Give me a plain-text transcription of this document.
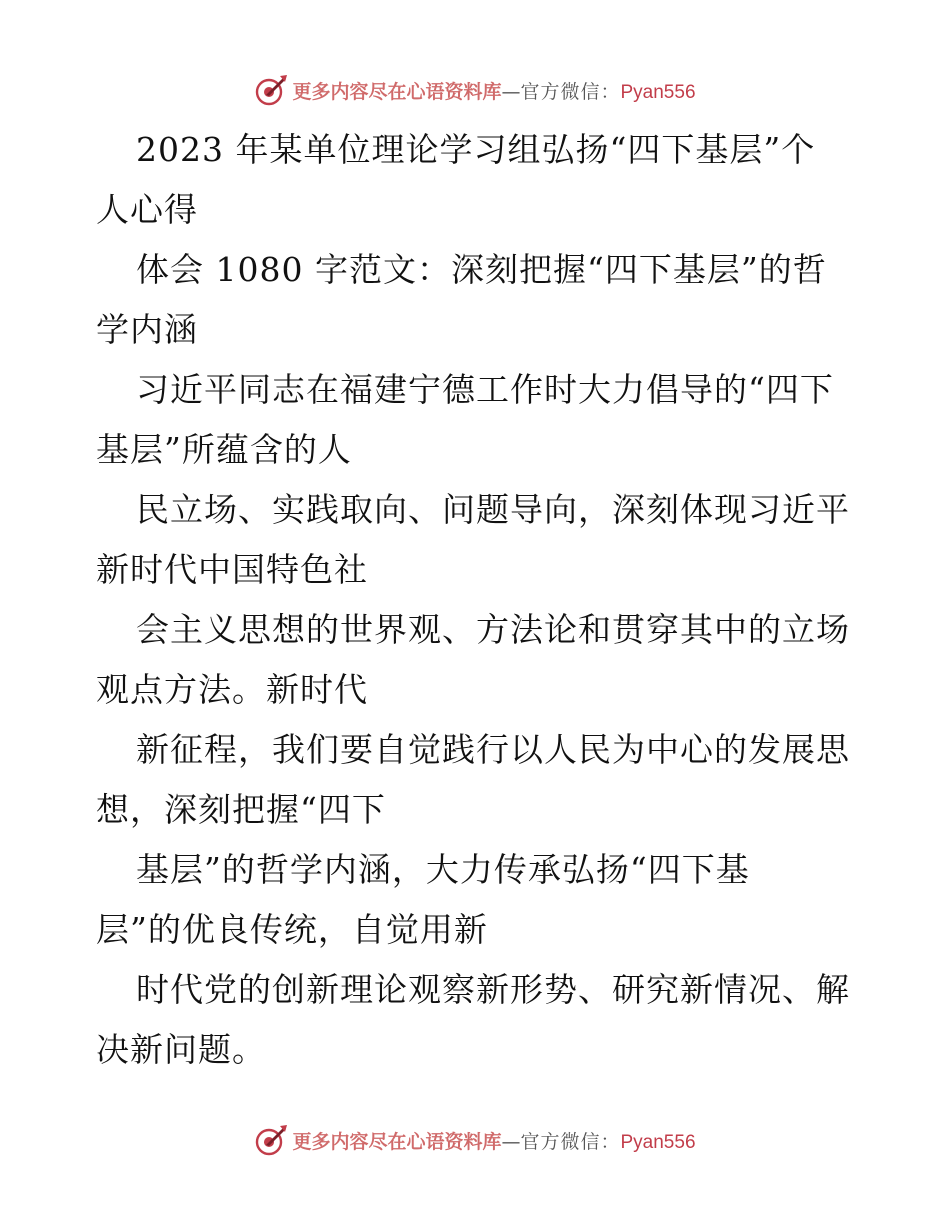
更多内容尽在心语资料库 — 官方微信： Pyan556

2023 年某单位理论学习组弘扬“四下基层”个
人心得

体会 1080 字范文：深刻把握“四下基层”的哲
学内涵

习近平同志在福建宁德工作时大力倡导的“四下
基层”所蕴含的人

民立场、实践取向、问题导向，深刻体现习近平
新时代中国特色社

会主义思想的世界观、方法论和贯穿其中的立场
观点方法。新时代

新征程，我们要自觉践行以人民为中心的发展思
想，深刻把握“四下

基层”的哲学内涵，大力传承弘扬“四下基
层”的优良传统，自觉用新

时代党的创新理论观察新形势、研究新情况、解
决新问题。

更多内容尽在心语资料库 — 官方微信： Pyan556
